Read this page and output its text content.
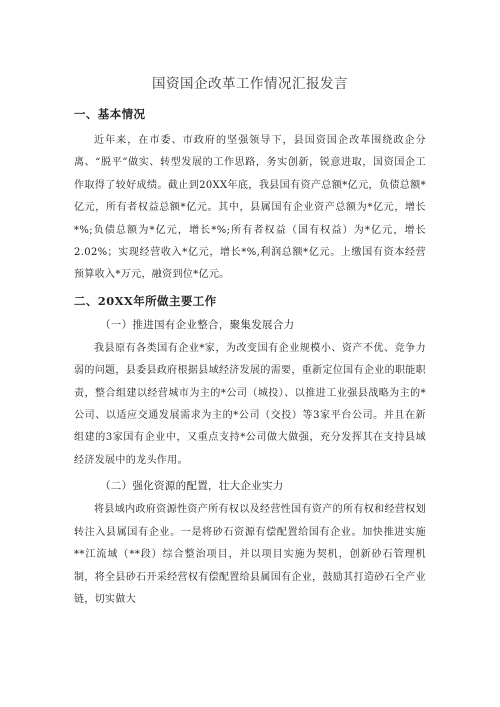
国资国企改革工作情况汇报发言
一、基本情况

近年来，在市委、市政府的坚强领导下，县国资国企改革围绕政企分离、“脱平”做实、转型发展的工作思路，务实创新，锐意进取，国资国企工作取得了较好成绩。截止到20XX年底，我县国有资产总额*亿元，负债总额*亿元，所有者权益总额*亿元。其中，县属国有企业资产总额为*亿元，增长*%;负债总额为*亿元，增长*%;所有者权益（国有权益）为*亿元，增长2.02%；实现经营收入*亿元，增长*%,利润总额*亿元。上缴国有资本经营预算收入*万元，融资到位*亿元。

二、20XX年所做主要工作
（一）推进国有企业整合，聚集发展合力

我县原有各类国有企业*家，为改变国有企业规模小、资产不优、竞争力弱的问题，县委县政府根据县域经济发展的需要，重新定位国有企业的职能职责，整合组建以经营城市为主的*公司（城投）、以推进工业强县战略为主的*公司、以适应交通发展需求为主的*公司（交投）等3家平台公司。并且在新组建的3家国有企业中，又重点支持*公司做大做强，充分发挥其在支持县域经济发展中的龙头作用。

（二）强化资源的配置，壮大企业实力

将县域内政府资源性资产所有权以及经营性国有资产的所有权和经营权划转注入县属国有企业。一是将砂石资源有偿配置给国有企业。加快推进实施**江流域（**段）综合整治项目，并以项目实施为契机，创新砂石管理机制，将全县砂石开采经营权有偿配置给县属国有企业，鼓励其打造砂石全产业链，切实做大
